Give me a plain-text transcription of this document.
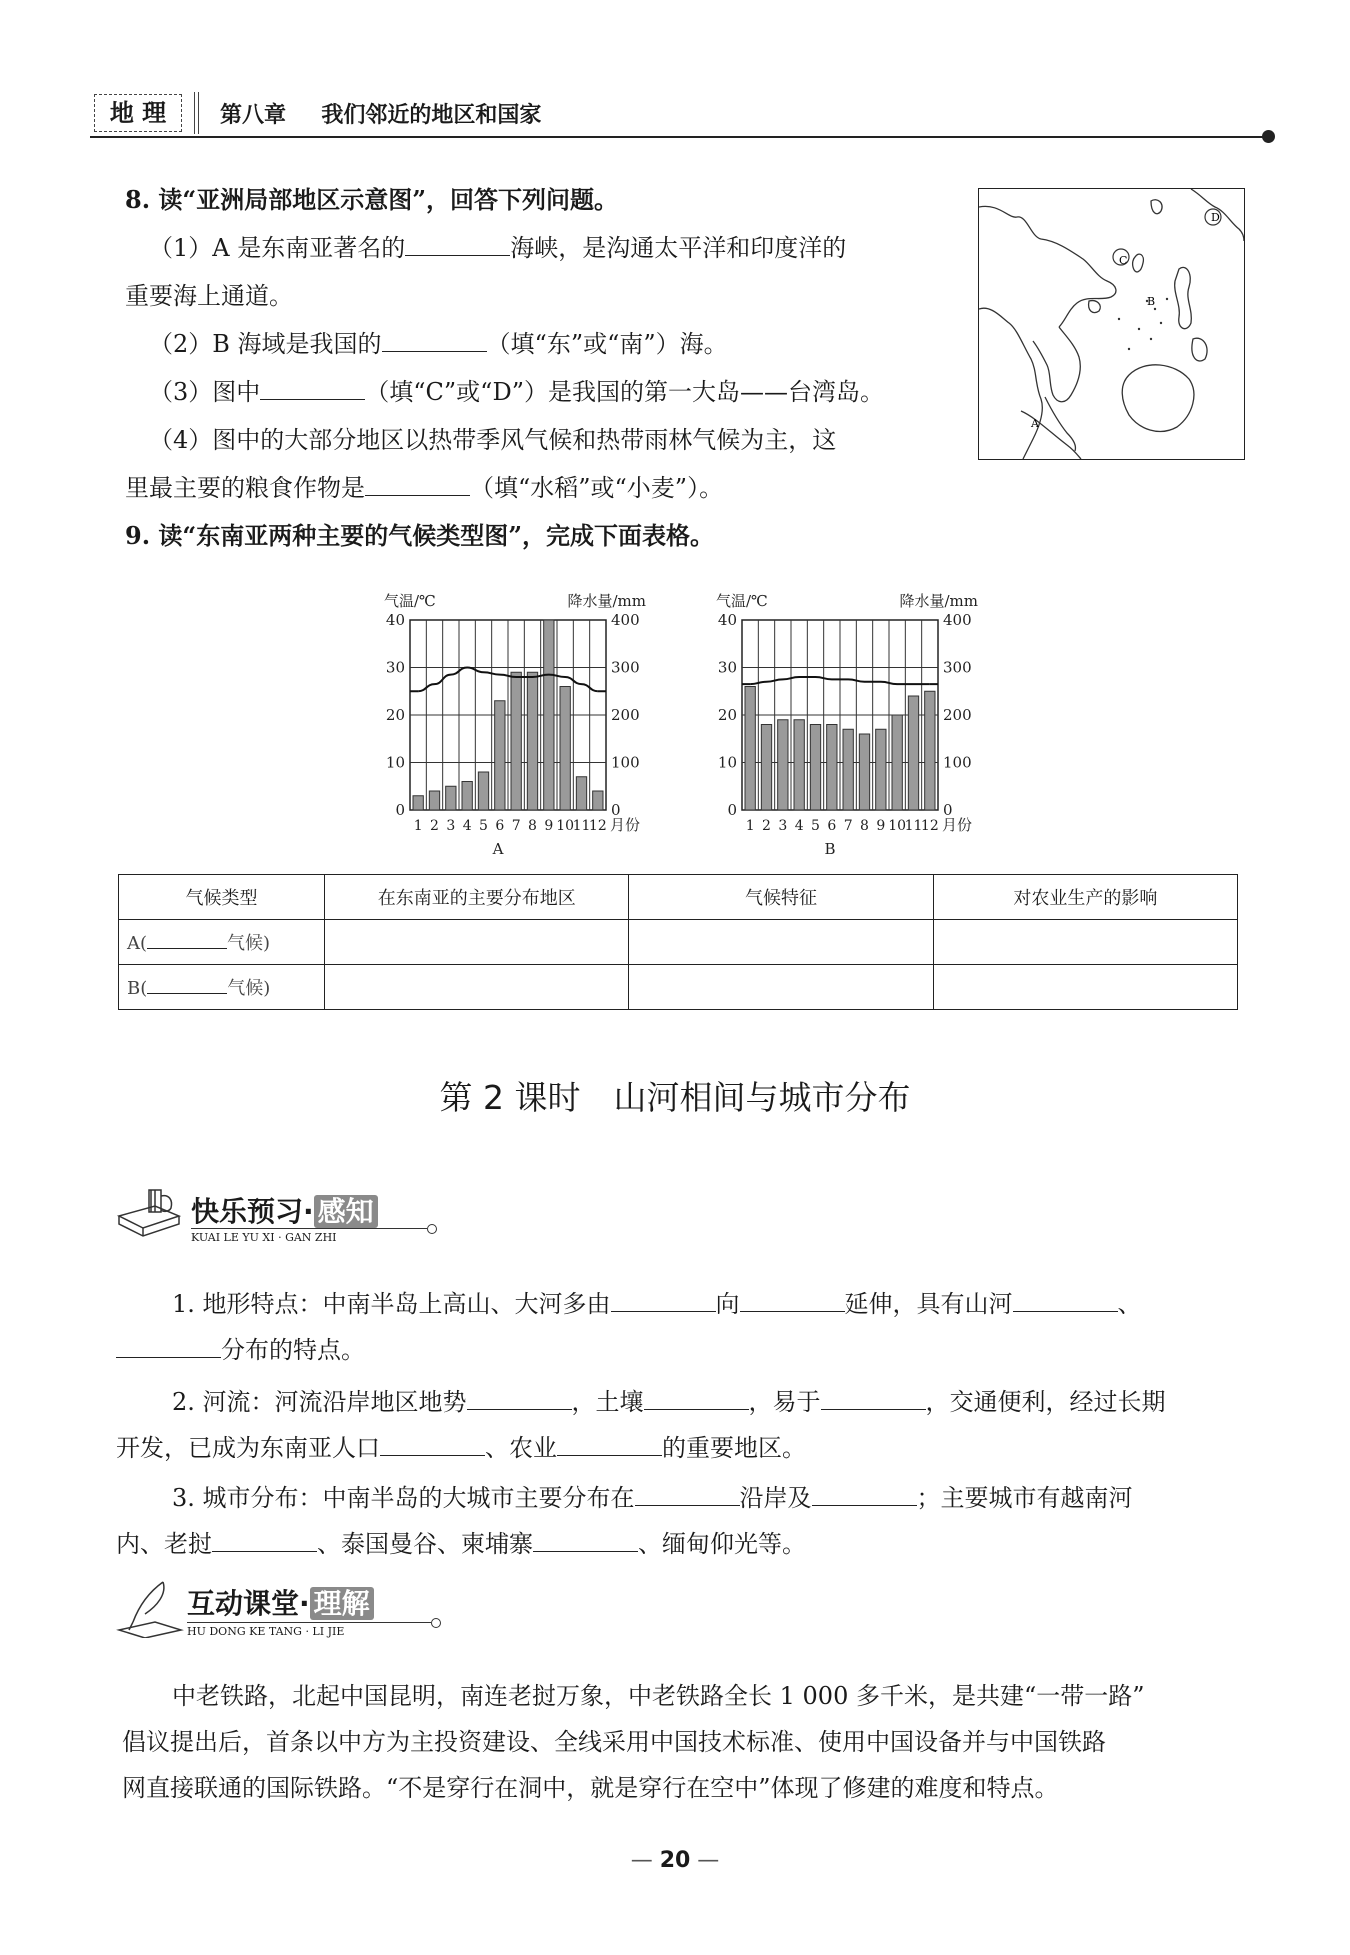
地 理	第八章 我们邻近的地区和国家
8. 读“亚洲局部地区示意图”，回答下列问题。
（1）A 是东南亚著名的	海峡，是沟通太平洋和印度洋的
重要海上通道。
（2）B 海域是我国的	（填“东”或“南”）海。
（3）图中	（填“C”或“D”）是我国的第一大岛——台湾岛。
（4）图中的大部分地区以热带季风气候和热带雨林气候为主，这
里最主要的粮食作物是	（填“水稻”或“小麦”）。
C
D
B
A
9. 读“东南亚两种主要的气候类型图”，完成下面表格。
40	400
30	300
20	200
10	100
0	0
气温/℃	降水量/mm
1 2 3 4 5 6 7 8 9 10
11
12 月份
A
40	400
30	300
20	200
10	100
0	0
气温/℃	降水量/mm
1 2 3 4 5 6 7 8 9 10
11
12 月份
B
气候类型	在东南亚的主要分布地区	气候特征	对农业生产的影响
A( 气候)			
B( 气候)			
第 2 课时　山河相间与城市分布
快乐预习· 感知
KUAI LE YU XI · GAN ZHI
1. 地形特点：中南半岛上高山、大河多由	向	延伸，具有山河	、
分布的特点。
2. 河流：河流沿岸地区地势	，土壤	，易于	，交通便利，经过长期
开发，已成为东南亚人口	、农业	的重要地区。
3. 城市分布：中南半岛的大城市主要分布在	沿岸及	；主要城市有越南河
内、老挝	、泰国曼谷、柬埔寨	、缅甸仰光等。
互动课堂· 理解
HU DONG KE TANG · LI JIE
中老铁路，北起中国昆明，南连老挝万象，中老铁路全长 1 000 多千米，是共建“一带一路”
倡议提出后，首条以中方为主投资建设、全线采用中国技术标准、使用中国设备并与中国铁路
网直接联通的国际铁路。“不是穿行在洞中，就是穿行在空中”体现了修建的难度和特点。
— 20 —
